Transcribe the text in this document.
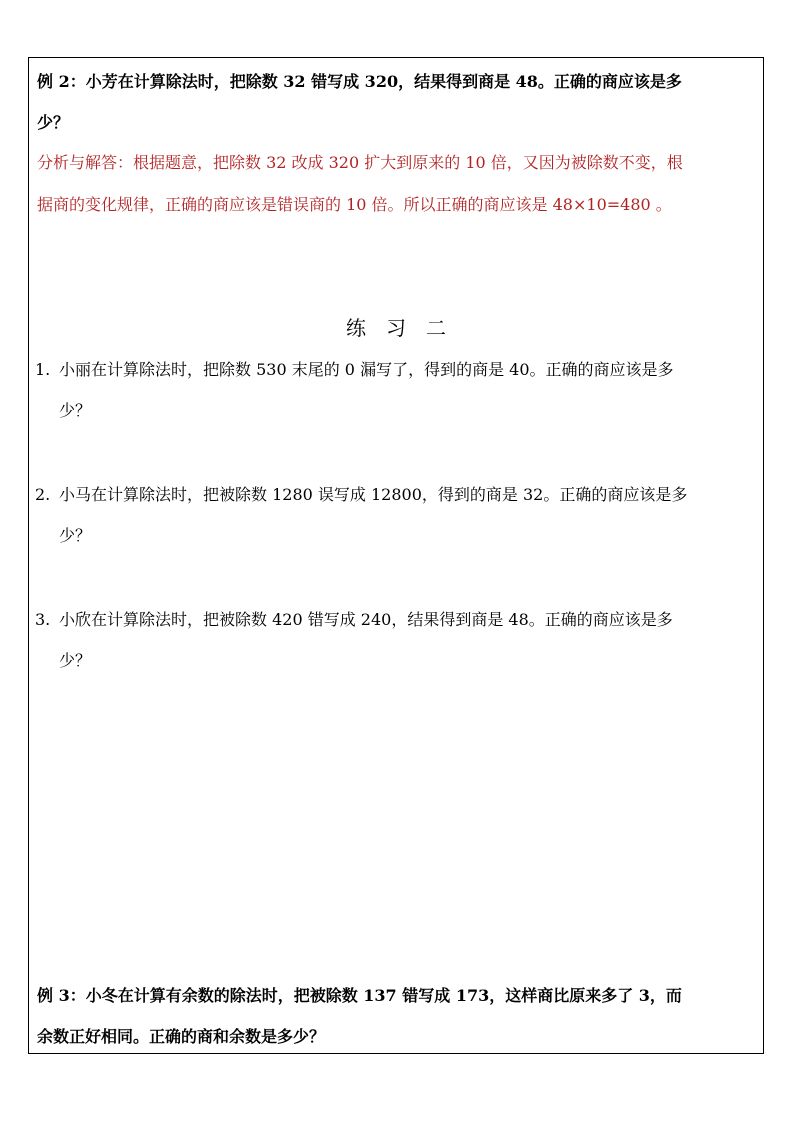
例 2：小芳在计算除法时，把除数 32 错写成 320，结果得到商是 48。正确的商应该是多
少？
分析与解答：根据题意，把除数 32 改成 320 扩大到原来的 10 倍，又因为被除数不变，根
据商的变化规律，正确的商应该是错误商的 10 倍。所以正确的商应该是 48×10=480 。
练习二
1. 小丽在计算除法时，把除数 530 末尾的 0 漏写了，得到的商是 40。正确的商应该是多
少？
2. 小马在计算除法时，把被除数 1280 误写成 12800，得到的商是 32。正确的商应该是多
少？
3. 小欣在计算除法时，把被除数 420 错写成 240，结果得到商是 48。正确的商应该是多
少？
例 3：小冬在计算有余数的除法时，把被除数 137 错写成 173，这样商比原来多了 3，而
余数正好相同。正确的商和余数是多少？
